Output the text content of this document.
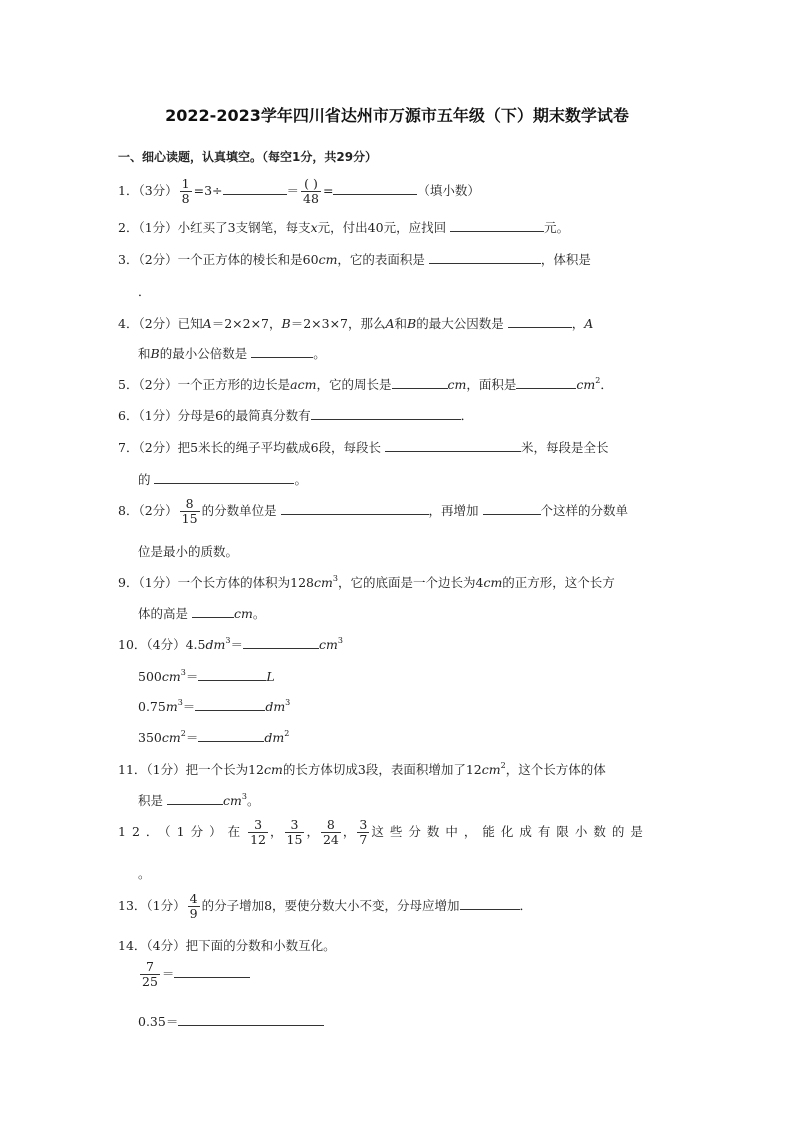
2022-2023学年四川省达州市万源市五年级（下）期末数学试卷
一、细心读题，认真填空。（每空1分，共29分）
1．（3分） $\frac{1}{8} =3\div$	＝ $\frac{( )}{48}$ =	（填小数）
2．（1分）小红买了3支钢笔，每支x元，付出40元，应找回	元。
3．（2分）一个正方体的棱长和是60cm，它的表面积是	，体积是
．
4．（2分）已知A＝2×2×7，B＝2×3×7，那么A和B的最大公因数是	，A
和B的最小公倍数是	。
5．（2分）一个正方形的边长是acm，它的周长是	cm，面积是	$cm^2$．
6．（1分）分母是6的最简真分数有	．
7．（2分）把5米长的绳子平均截成6段，每段长	米，每段是全长
的	。
8．（2分） $\frac{8}{15}$ 的分数单位是	，再增加	个这样的分数单
位是最小的质数。
9．（1分）一个长方体的体积为$128cm^3$，它的底面是一个边长为4cm的正方形，这个长方
体的高是	cm。
10．（4分）$4.5dm^3=$	$cm^3$
$500cm^3=$	L
$0.75m^3=$	$dm^3$
$350cm^2=$	$dm^2$
11．（1分）把一个长为12cm的长方体切成3段，表面积增加了$12cm^2$，这个长方体的体
积是	$cm^3$。
12．（1分）在 $\frac{3}{12}$ ， $\frac{3}{15}$ ， $\frac{8}{24}$ ， $\frac{3}{7}$ 这些分数中，能化成有限小数的是
。
13．（1分） $\frac{4}{9}$ 的分子增加8，要使分数大小不变，分母应增加	．
14．（4分）把下面的分数和小数互化。
$\frac{7}{25}$ ＝
0.35＝
